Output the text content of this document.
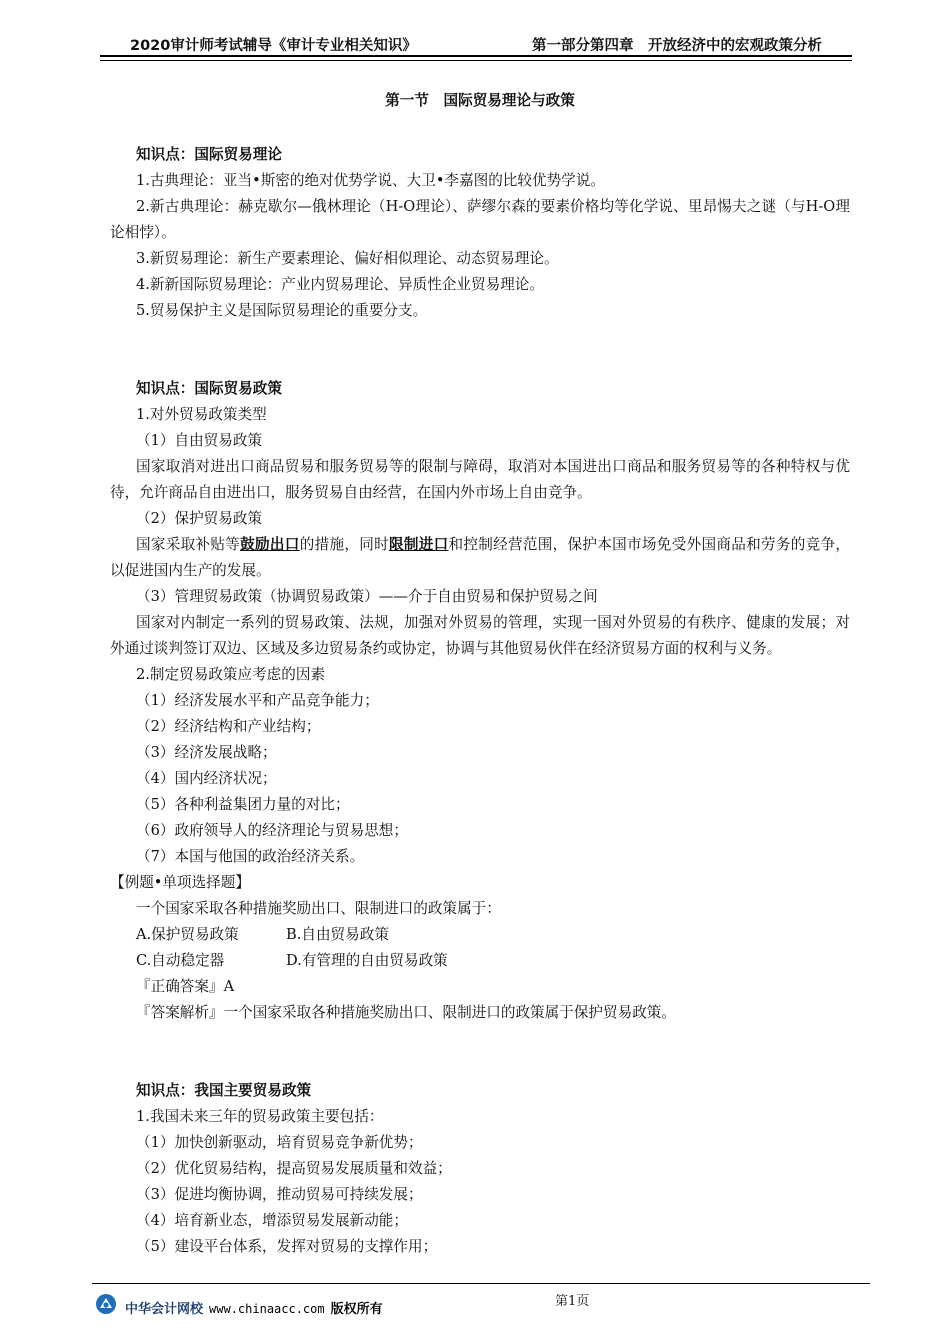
2020审计师考试辅导《审计专业相关知识》	第一部分第四章　开放经济中的宏观政策分析

第一节　国际贸易理论与政策

知识点：国际贸易理论

1.古典理论：亚当•斯密的绝对优势学说、大卫•李嘉图的比较优势学说。

2.新古典理论：赫克歇尔—俄林理论（H-O理论）、萨缪尔森的要素价格均等化学说、里昂惕夫之谜（与H-O理论相悖）。

3.新贸易理论：新生产要素理论、偏好相似理论、动态贸易理论。

4.新新国际贸易理论：产业内贸易理论、异质性企业贸易理论。

5.贸易保护主义是国际贸易理论的重要分支。

知识点：国际贸易政策

1.对外贸易政策类型

（1）自由贸易政策

国家取消对进出口商品贸易和服务贸易等的限制与障碍，取消对本国进出口商品和服务贸易等的各种特权与优待，允许商品自由进出口，服务贸易自由经营，在国内外市场上自由竞争。

（2）保护贸易政策

国家采取补贴等鼓励出口的措施，同时限制进口和控制经营范围，保护本国市场免受外国商品和劳务的竞争，以促进国内生产的发展。

（3）管理贸易政策（协调贸易政策）——介于自由贸易和保护贸易之间

国家对内制定一系列的贸易政策、法规，加强对外贸易的管理，实现一国对外贸易的有秩序、健康的发展；对外通过谈判签订双边、区域及多边贸易条约或协定，协调与其他贸易伙伴在经济贸易方面的权利与义务。

2.制定贸易政策应考虑的因素

（1）经济发展水平和产品竞争能力；

（2）经济结构和产业结构；

（3）经济发展战略；

（4）国内经济状况；

（5）各种利益集团力量的对比；

（6）政府领导人的经济理论与贸易思想；

（7）本国与他国的政治经济关系。

【例题•单项选择题】

一个国家采取各种措施奖励出口、限制进口的政策属于：

A.保护贸易政策	B.自由贸易政策

C.自动稳定器	D.有管理的自由贸易政策

『正确答案』A

『答案解析』一个国家采取各种措施奖励出口、限制进口的政策属于保护贸易政策。

知识点：我国主要贸易政策

1.我国未来三年的贸易政策主要包括：

（1）加快创新驱动，培育贸易竞争新优势；

（2）优化贸易结构，提高贸易发展质量和效益；

（3）促进均衡协调，推动贸易可持续发展；

（4）培育新业态，增添贸易发展新动能；

（5）建设平台体系，发挥对贸易的支撑作用；

第1页
中华会计网校 www.chinaacc.com 版权所有
